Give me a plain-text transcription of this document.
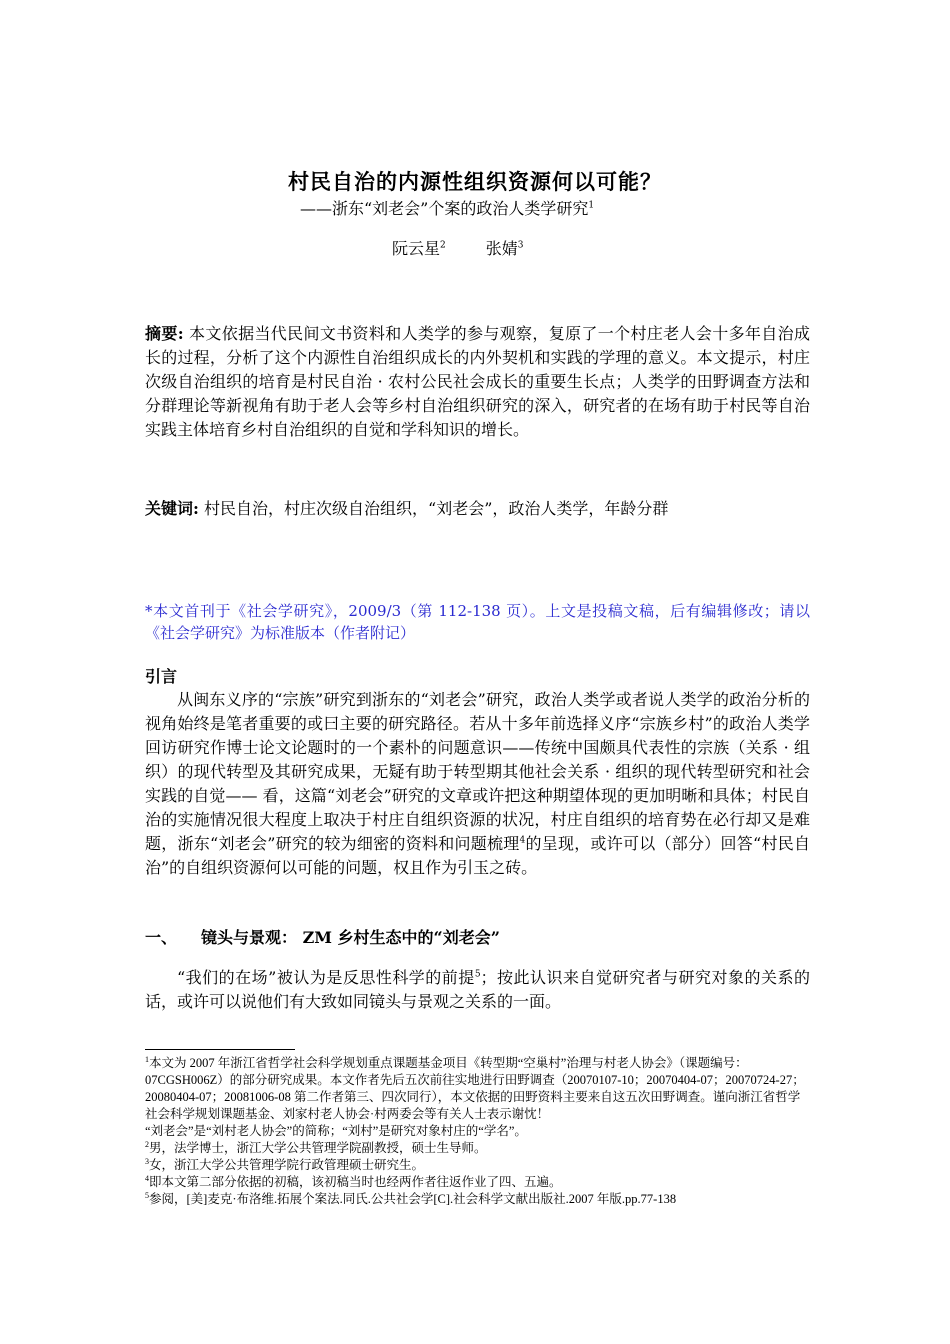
村民自治的内源性组织资源何以可能？
——浙东“刘老会”个案的政治人类学研究$^1$
阮云星$^2$	张婧$^3$
摘要: 本文依据当代民间文书资料和人类学的参与观察，复原了一个村庄老人会十多年自治成长的过程，分析了这个内源性自治组织成长的内外契机和实践的学理的意义。本文提示，村庄次级自治组织的培育是村民自治 · 农村公民社会成长的重要生长点；人类学的田野调查方法和分群理论等新视角有助于老人会等乡村自治组织研究的深入，研究者的在场有助于村民等自治实践主体培育乡村自治组织的自觉和学科知识的增长。
关键词: 村民自治，村庄次级自治组织，“刘老会”，政治人类学，年龄分群
*本文首刊于《社会学研究》，2009/3（第 112-138 页）。上文是投稿文稿，后有编辑修改；请以《社会学研究》为标准版本（作者附记）
引言
从闽东义序的“宗族”研究到浙东的“刘老会”研究，政治人类学或者说人类学的政治分析的视角始终是笔者重要的或曰主要的研究路径。若从十多年前选择义序“宗族乡村”的政治人类学回访研究作博士论文论题时的一个素朴的问题意识——传统中国颇具代表性的宗族（关系 · 组织）的现代转型及其研究成果，无疑有助于转型期其他社会关系 · 组织的现代转型研究和社会实践的自觉—— 看，这篇“刘老会”研究的文章或许把这种期望体现的更加明晰和具体；村民自治的实施情况很大程度上取决于村庄自组织资源的状况，村庄自组织的培育势在必行却又是难题，浙东“刘老会”研究的较为细密的资料和问题梳理$^4$的呈现，或许可以（部分）回答“村民自治”的自组织资源何以可能的问题，权且作为引玉之砖。
一、 镜头与景观： ZM 乡村生态中的“刘老会”
“我们的在场”被认为是反思性科学的前提$^5$；按此认识来自觉研究者与研究对象的关系的话，或许可以说他们有大致如同镜头与景观之关系的一面。

$^1$本文为 2007 年浙江省哲学社会科学规划重点课题基金项目《转型期“空巢村”治理与村老人协会》（课题编号：07CGSH006Z）的部分研究成果。本文作者先后五次前往实地进行田野调查（20070107-10；20070404-07；20070724-27；20080404-07；20081006-08 第二作者第三、四次同行），本文依据的田野资料主要来自这五次田野调查。谨向浙江省哲学社会科学规划课题基金、刘家村老人协会·村两委会等有关人士表示谢忱！

“刘老会”是“刘村老人协会”的简称；“刘村”是研究对象村庄的“学名”。

$^2$男，法学博士，浙江大学公共管理学院副教授，硕士生导师。

$^3$女，浙江大学公共管理学院行政管理硕士研究生。

$^4$即本文第二部分依据的初稿，该初稿当时也经两作者往返作业了四、五遍。

$^5$参阅，[美]麦克·布洛维.拓展个案法.同氏.公共社会学[C].社会科学文献出版社.2007 年版.pp.77-138
